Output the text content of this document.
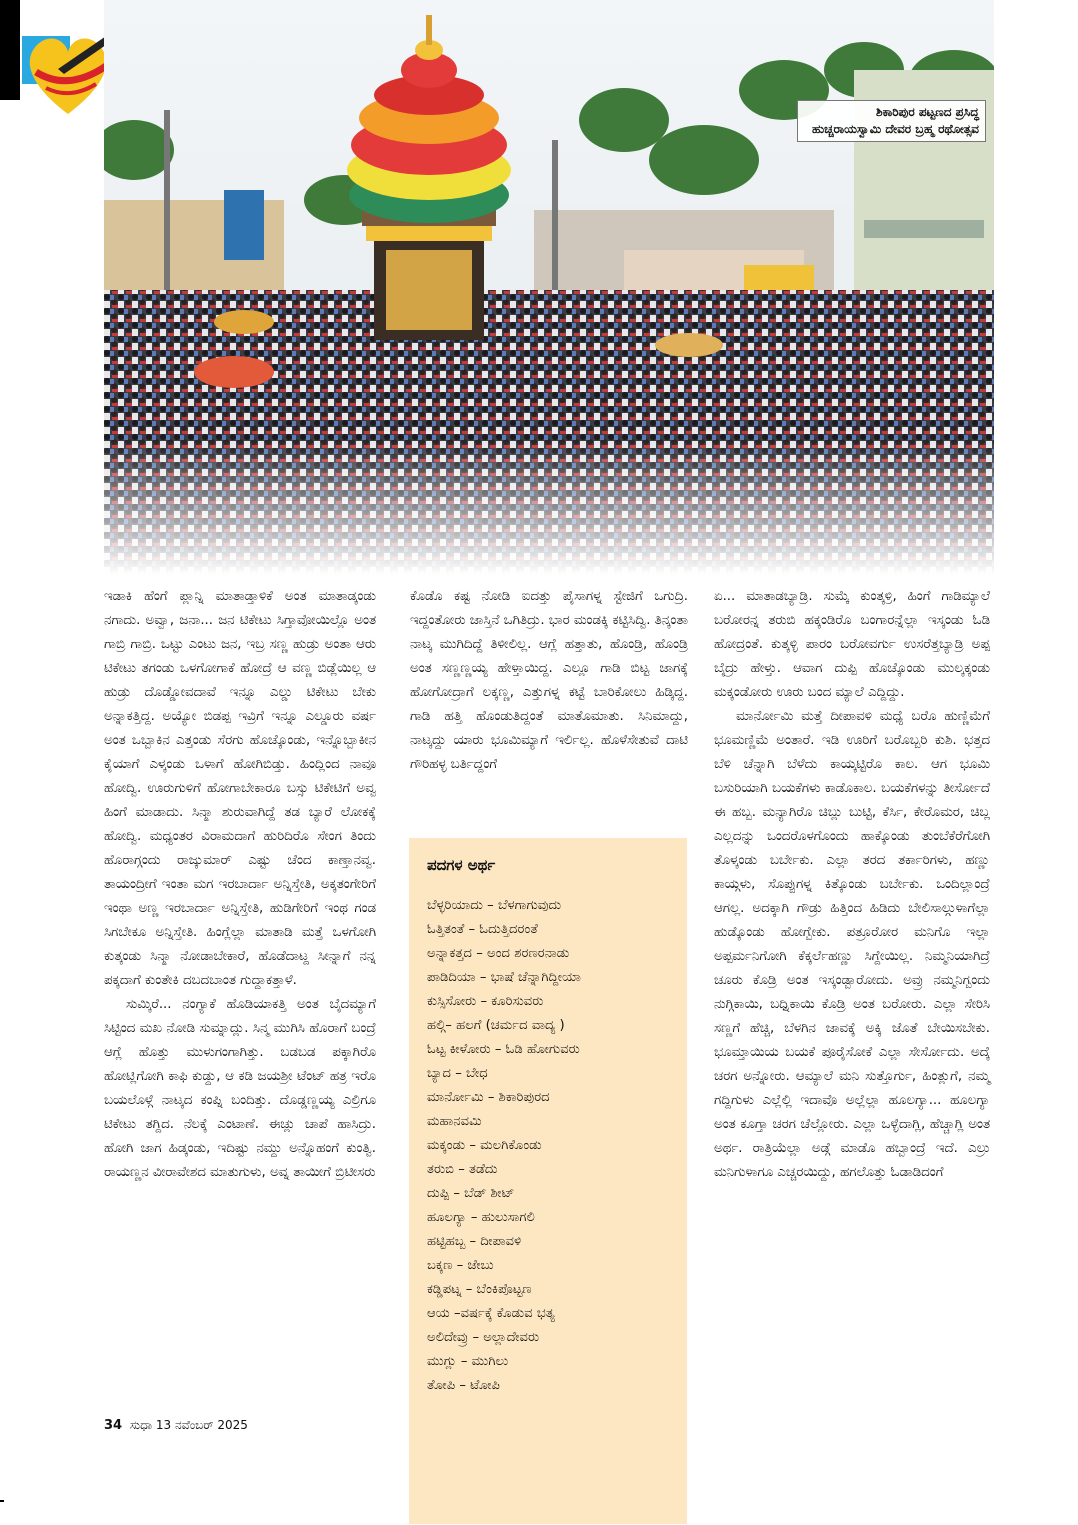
ಶಿಕಾರಿಪುರ ಪಟ್ಟಣದ ಪ್ರಸಿದ್ಧ
ಹುಚ್ಚರಾಯಸ್ವಾಮಿ ದೇವರ ಬ್ರಹ್ಮ ರಥೋತ್ಸವ

ಇಡಾಕಿ ಹೆಂಗೆ ಪ್ಲಾನ್ನಿ ಮಾತಾಡ್ತಾಳಿಕೆ ಅಂತ ಮಾತಾಡ್ಕಂಡು ನಗಾದು. ಅವ್ವಾ, ಜನಾ... ಜನ ಟಿಕೇಟು ಸಿಗ್ತಾವೋಯಿಲ್ಲೊ ಅಂತ ಗಾಬ್ರಿ ಗಾಬ್ರಿ. ಒಟ್ಟು ಎಂಟು ಜನ, ಇಬ್ರ ಸಣ್ಣ ಹುಡ್ರು ಅಂತಾ ಆರು ಟಿಕೇಟು ತಗಂಡು ಒಳಗೋಗಾಕೆ ಹೋದ್ರೆ ಆ ವಣ್ಣ ಬಿಡ್ಲೆಯಿಲ್ಲ ಆ ಹುಡ್ರು ದೊಡ್ಡೋವದಾವೆ ಇನ್ನೂ ಎಲ್ಡು ಟಿಕೇಟು ಬೇಕು ಅನ್ನಾಕತ್ತಿದ್ದ. ಅಯ್ಯೋ ಬಿಡಪ್ಪ ಇವ್ರಿಗೆ ಇನ್ನೂ ಎಲ್ಡೂರು ವರ್ಷ ಅಂತ ಒಬ್ಬಾಕಿನ ಎತ್ತಂಡು ಸೆರಗು ಹೊಚ್ಕೊಂಡು, ಇನ್ನೊಬ್ಬಾಕೀನ ಕೈಯಾಗೆ ಎಳ್ಕಂಡು ಒಳಾಗೆ ಹೋಗಿಬಿಡ್ತು. ಹಿಂದ್ಲಿಂದ ನಾವೂ ಹೋದ್ವಿ. ಊರುಗುಳಿಗೆ ಹೋಗಾಬೇಕಾರೂ ಬಸ್ಸು ಟಿಕೇಟಿಗೆ ಅವ್ವ ಹಿಂಗೆ ಮಾಡಾದು. ಸಿನ್ಮಾ ಶುರುವಾಗಿದ್ದೆ ತಡ ಬ್ಯಾರೆ ಲೋಕಕ್ಕೆ ಹೋದ್ವಿ. ಮಧ್ಯಂತರ ವಿರಾಮದಾಗೆ ಹುರಿದಿರೊ ಸೇಂಗ ತಿಂದು ಹೊರಾಗ್ಗಂದು ರಾಜ್ಕುಮಾರ್ ಎಷ್ಟು ಚೆಂದ ಕಾಣ್ತಾನವ್ವ. ತಾಯಂದ್ರೀಗೆ ಇಂತಾ ಮಗ ಇರಬಾರ್ದಾ ಅನ್ನಿಸ್ತೇತಿ, ಅಕ್ಕತಂಗೇರಿಗೆ ಇಂಥಾ ಅಣ್ಣ ಇರಬಾರ್ದಾ ಅನ್ನಿಸ್ತೇತಿ, ಹುಡಿಗೇರಿಗೆ ಇಂಥ ಗಂಡ ಸಿಗಬೇಕೂ ಅನ್ನಿಸ್ತೇತಿ. ಹಿಂಗ್ಲೆಲ್ಲಾ ಮಾತಾಡಿ ಮತ್ತೆ ಒಳಗೋಗಿ ಕುತ್ಕಂಡು ಸಿನ್ಮಾ ನೋಡಾಬೇಕಾರೆ, ಹೊಡೆದಾಟ್ದ ಸೀನ್ನಾಗೆ ನನ್ನ ಪಕ್ಕದಾಗೆ ಕುಂತೇಕಿ ದಬದಬಾಂತ ಗುದ್ದಾಕತ್ತಾಳೆ.

ಸುಮ್ಕಿರೆ... ನಂಗ್ಯಾಕೆ ಹೊಡಿಯಾಕತ್ತಿ ಅಂತ ಬೈದಮ್ಯಾಗೆ ಸಿಟ್ಟಿಂದ ಮಖ ನೋಡಿ ಸುಮ್ನಾದ್ಲು. ಸಿನ್ಮ ಮುಗಿಸಿ ಹೊರಾಗೆ ಬಂದ್ರೆ ಆಗ್ಲೆ ಹೊತ್ತು ಮುಳುಗಂಗಾಗಿತ್ತು. ಬಡಬಡ ಪಕ್ಕಾಗಿರೊ ಹೋಟ್ಲಿಗೋಗಿ ಕಾಫಿ ಕುಡ್ದು, ಆ ಕಡಿ ಜಯಶ್ರೀ ಟೆಂಟ್ ಹತ್ರ ಇರೊ ಬಯಲೊಳ್ಗೆ ನಾಟ್ಕದ ಕಂಪ್ನಿ ಬಂದಿತ್ತು. ದೊಡ್ಡಣ್ಣಯ್ಯ ಎಲ್ರಿಗೂ ಟಿಕೇಟು ತಗ್ದಿದ. ನೆಲಕ್ಕೆ ಎಂಟಾಣೆ. ಈಚ್ಲು ಚಾಪೆ ಹಾಸಿದ್ರು. ಹೋಗಿ ಜಾಗ ಹಿಡ್ಕಂಡು, ಇದಿಷ್ಟು ನಮ್ದು ಅನ್ನೊಹಂಗೆ ಕುಂತ್ವಿ. ರಾಯಣ್ಣನ ವೀರಾವೇಶದ ಮಾತುಗುಳು, ಅವ್ನ ತಾಯೀಗೆ ಬ್ರಿಟೀಸರು

ಕೊಡೊ ಕಷ್ಟ ನೋಡಿ ಐದತ್ತು ಪೈಸಾಗಳ್ನ ಸ್ಟೇಜಿಗೆ ಒಗುದ್ರಿ. ಇದ್ದಂತೋರು ಜಾಸ್ತಿನೆ ಒಗಿತಿದ್ರು. ಭಾರ ಮಂಡಕ್ಕಿ ಕಟ್ಟಿಸಿದ್ವಿ. ತಿನ್ಕಂತಾ ನಾಟ್ಕ ಮುಗಿದಿದ್ದೆ ತಿಳೀಲಿಲ್ಲ. ಆಗ್ಲೆ ಹತ್ತಾತು, ಹೊಂಡ್ರಿ, ಹೊಂಡ್ರಿ ಅಂತ ಸಣ್ಣಣ್ಣಯ್ಯ ಹೇಳ್ತಾಯಿದ್ದ. ಎಲ್ಲೂ ಗಾಡಿ ಬಿಟ್ಟ ಜಾಗಕ್ಕೆ ಹೋಗೋದ್ರಾಗೆ ಲಕ್ಕಣ್ಣ, ಎತ್ತುಗಳ್ನ ಕಟ್ಟೆ ಬಾರಿಕೋಲು ಹಿಡ್ಕಿದ್ದ. ಗಾಡಿ ಹತ್ತಿ ಹೊಂಡುತಿದ್ದಂತೆ ಮಾತೊಮಾತು. ಸಿನಿಮಾದ್ದು, ನಾಟ್ಕದ್ದು ಯಾರು ಭೂಮಿಮ್ಯಾಗೆ ಇರ್ಲಿಲ್ಲ. ಹೊಳೆಸೇತುವೆ ದಾಟಿ ಗೌರಿಹಳ್ಳ ಬರ್ತಿದ್ದಂಗೆ

ಏ... ಮಾತಾಡಬ್ಯಾಡ್ರಿ. ಸುಮ್ಕೆ ಕುಂತ್ಕಳ್ರಿ, ಹಿಂಗೆ ಗಾಡಿಮ್ಯಾಲೆ ಬರೋರನ್ನ ತರುಬಿ ಹಕ್ಕಂಡಿರೊ ಬಂಗಾರನ್ನೆಲ್ಲಾ ಇಸ್ಕಂಡು ಓಡಿ ಹೋದ್ರಂತೆ. ಕುತ್ಕಳ್ಳಿ ಪಾರಂ ಬರೋವರ್ಗು ಉಸರೆತ್ತಬ್ಯಾಡ್ರಿ ಅಪ್ಪ ಬೈದ್ರು ಹೇಳ್ತು. ಆವಾಗ ದುಪ್ಪಿ ಹೊಚ್ಕೊಂಡು ಮುಲ್ಕಕ್ಕಂಡು ಮಕ್ಕಂಡೋರು ಊರು ಬಂದ ಮ್ಯಾಲೆ ಎದ್ದಿದ್ದು.

ಮಾರ್ನೋಮಿ ಮತ್ತೆ ದೀಪಾವಳಿ ಮಧ್ಯೆ ಬರೊ ಹುಣ್ಣಿಮೆಗೆ ಭೂಮಣ್ಣಿಮೆ ಅಂತಾರೆ. ಇಡಿ ಊರಿಗೆ ಬರೊಬ್ಬರಿ ಕುಶಿ. ಭತ್ತದ ಬೆಳಿ ಚೆನ್ನಾಗಿ ಬೆಳೆದು ಕಾಯ್ಕಟ್ಟಿರೊ ಕಾಲ. ಆಗ ಭೂಮಿ ಬಸುರಿಯಾಗಿ ಬಯಕೆಗಳು ಕಾಡೊಕಾಲ. ಬಯಕೆಗಳನ್ನು ತೀರ್ಸೋದೆ ಈ ಹಬ್ಬ. ಮನ್ಯಾಗಿರೊ ಚಿಬ್ಲು ಬುಟ್ಟಿ, ಕೆರ್ಸಿ, ಕೇರೊಮರ, ಚಿಬ್ಲ ಎಲ್ಲದನ್ನು ಒಂದರೊಳಗೊಂದು ಹಾಕ್ಕೊಂಡು ತುಂಬೆಕೆರೆಗೋಗಿ ತೊಳ್ಕಂಡು ಬರ್ಬೇಕು. ಎಲ್ಲಾ ತರದ ತರ್ಕಾರಿಗಳು, ಹಣ್ಣು ಕಾಯ್ಗಳು, ಸೊಪ್ಪುಗಳ್ನ ಕಿತ್ಕೊಂಡು ಬರ್ಬೇಕು. ಒಂದಿಲ್ಲಾಂದ್ರೆ ಆಗಲ್ಲ. ಅದಕ್ಕಾಗಿ ಗೌಡ್ರು ಹಿತ್ತಿಂದ ಹಿಡಿದು ಬೇಲಿಸಾಲ್ಗುಳಾಗೆಲ್ಲಾ ಹುಡ್ಕೊಂಡು ಹೋಗ್ಬೇಕು. ಪತ್ರೂರೋರ ಮನಿಗೊ ಇಲ್ಲಾ ಅಪ್ಪರ್ಮನಿಗೋಗಿ ಕೆಕ್ಕರ್ಲೆಹಣ್ಣು ಸಿಗ್ದೇಯಿಲ್ಲ. ನಿಮ್ಮನಿಯಾಗಿದ್ರೆ ಚೂರು ಕೊಡ್ರಿ ಅಂತ ಇಸ್ಕಂಡ್ಬಾರೋದು. ಅವ್ರು ನಮ್ಮನಿಗ್ಬಂದು ನುಗ್ಗಿಕಾಯಿ, ಬಧ್ನಿಕಾಯಿ ಕೊಡ್ರಿ ಅಂತ ಬರೋರು. ಎಲ್ಲಾ ಸೇರಿಸಿ ಸಣ್ಣಗೆ ಹೆಚ್ಚಿ, ಬೆಳಗಿನ ಜಾವಕ್ಕೆ ಅಕ್ಕಿ ಜೊತೆ ಬೇಯಿಸಬೇಕು. ಭೂಮ್ತಾಯಿಯ ಬಯಕೆ ಪೂರೈಸೋಕೆ ಎಲ್ಲಾ ಸೇರ್ಸೋದು. ಅದ್ಕೆ ಚರಗ ಅನ್ನೋರು. ಆಮ್ಯಾಲೆ ಮನಿ ಸುತ್ತೊರ್ಗು, ಹಿಂತ್ಲುಗೆ, ನಮ್ಮ ಗದ್ದಿಗುಳು ಎಲ್ಲೆಲ್ಲಿ ಇದಾವೊ ಅಲ್ಲೆಲ್ಲಾ ಹೂಲಗ್ಯಾ... ಹೂಲಗ್ಯಾ ಅಂತ ಕೂಗ್ತಾ ಚರಗ ಚೆಲ್ಲೋರು. ಎಲ್ಲಾ ಒಳ್ಳೆದಾಗ್ಲಿ, ಹೆಚ್ಚಾಗ್ಲಿ ಅಂತ ಅರ್ಥ. ರಾತ್ರಿಯೆಲ್ಲಾ ಅಡ್ಗೆ ಮಾಡೊ ಹಬ್ಬಾಂದ್ರೆ ಇದೆ. ಎಲ್ರು ಮನಿಗುಳಾಗೂ ಎಚ್ಚರಯಿದ್ದು, ಹಗಲೊತ್ತು ಓಡಾಡಿದಂಗೆ

ಪದಗಳ ಅರ್ಥ
ಬೆಳ್ಳರಿಯಾದು – ಬೆಳಗಾಗುವುದು
ಓತ್ತಿತಂತೆ – ಓದುತ್ತಿದರಂತೆ
ಅನ್ನಾಕತ್ತದ – ಅಂದ ಶರಣರನಾಡು
ಪಾಡಿದಿಯಾ – ಭಾಷೆ ಚೆನ್ನಾಗಿದ್ದೀಯಾ
ಕುಸ್ಸಿಸೋರು – ಕೂರಿಸುವರು
ಹಲ್ಗಿ– ಹಲಗೆ (ಚರ್ಮದ ವಾದ್ಯ )
ಓಟ್ಟ ಕೀಳೋರು – ಓಡಿ ಹೋಗುವರು
ಬ್ಯಾದ – ಬೇಧ
ಮಾರ್ನೋಮಿ – ಶಿಕಾರಿಪುರದ
ಮಹಾನವಮಿ
ಮಕ್ಕಂಡು – ಮಲಗಿಕೊಂಡು
ತರುಬಿ – ತಡೆದು
ದುಪ್ಪಿ – ಬೆಡ್ ಶೀಟ್
ಹೂಲಗ್ಯಾ – ಹುಲುಸಾಗಲಿ
ಹಟ್ಟಿಹಬ್ಬ – ದೀಪಾವಳಿ
ಬಕ್ಕಣ – ಜೇಬು
ಕಡ್ಡಿಪಟ್ನ – ಬೆಂಕಿಪೊಟ್ಟಣ
ಆಯ –ವರ್ಷಕ್ಕೆ ಕೊಡುವ ಭತ್ಯ
ಅಲಿದೇವ್ರು – ಅಲ್ಲಾದೇವರು
ಮುಗ್ಲು – ಮುಗಿಲು
ತೋಪಿ – ಟೋಪಿ
34 ಸುಧಾ 13 ನವೆಂಬರ್ 2025
